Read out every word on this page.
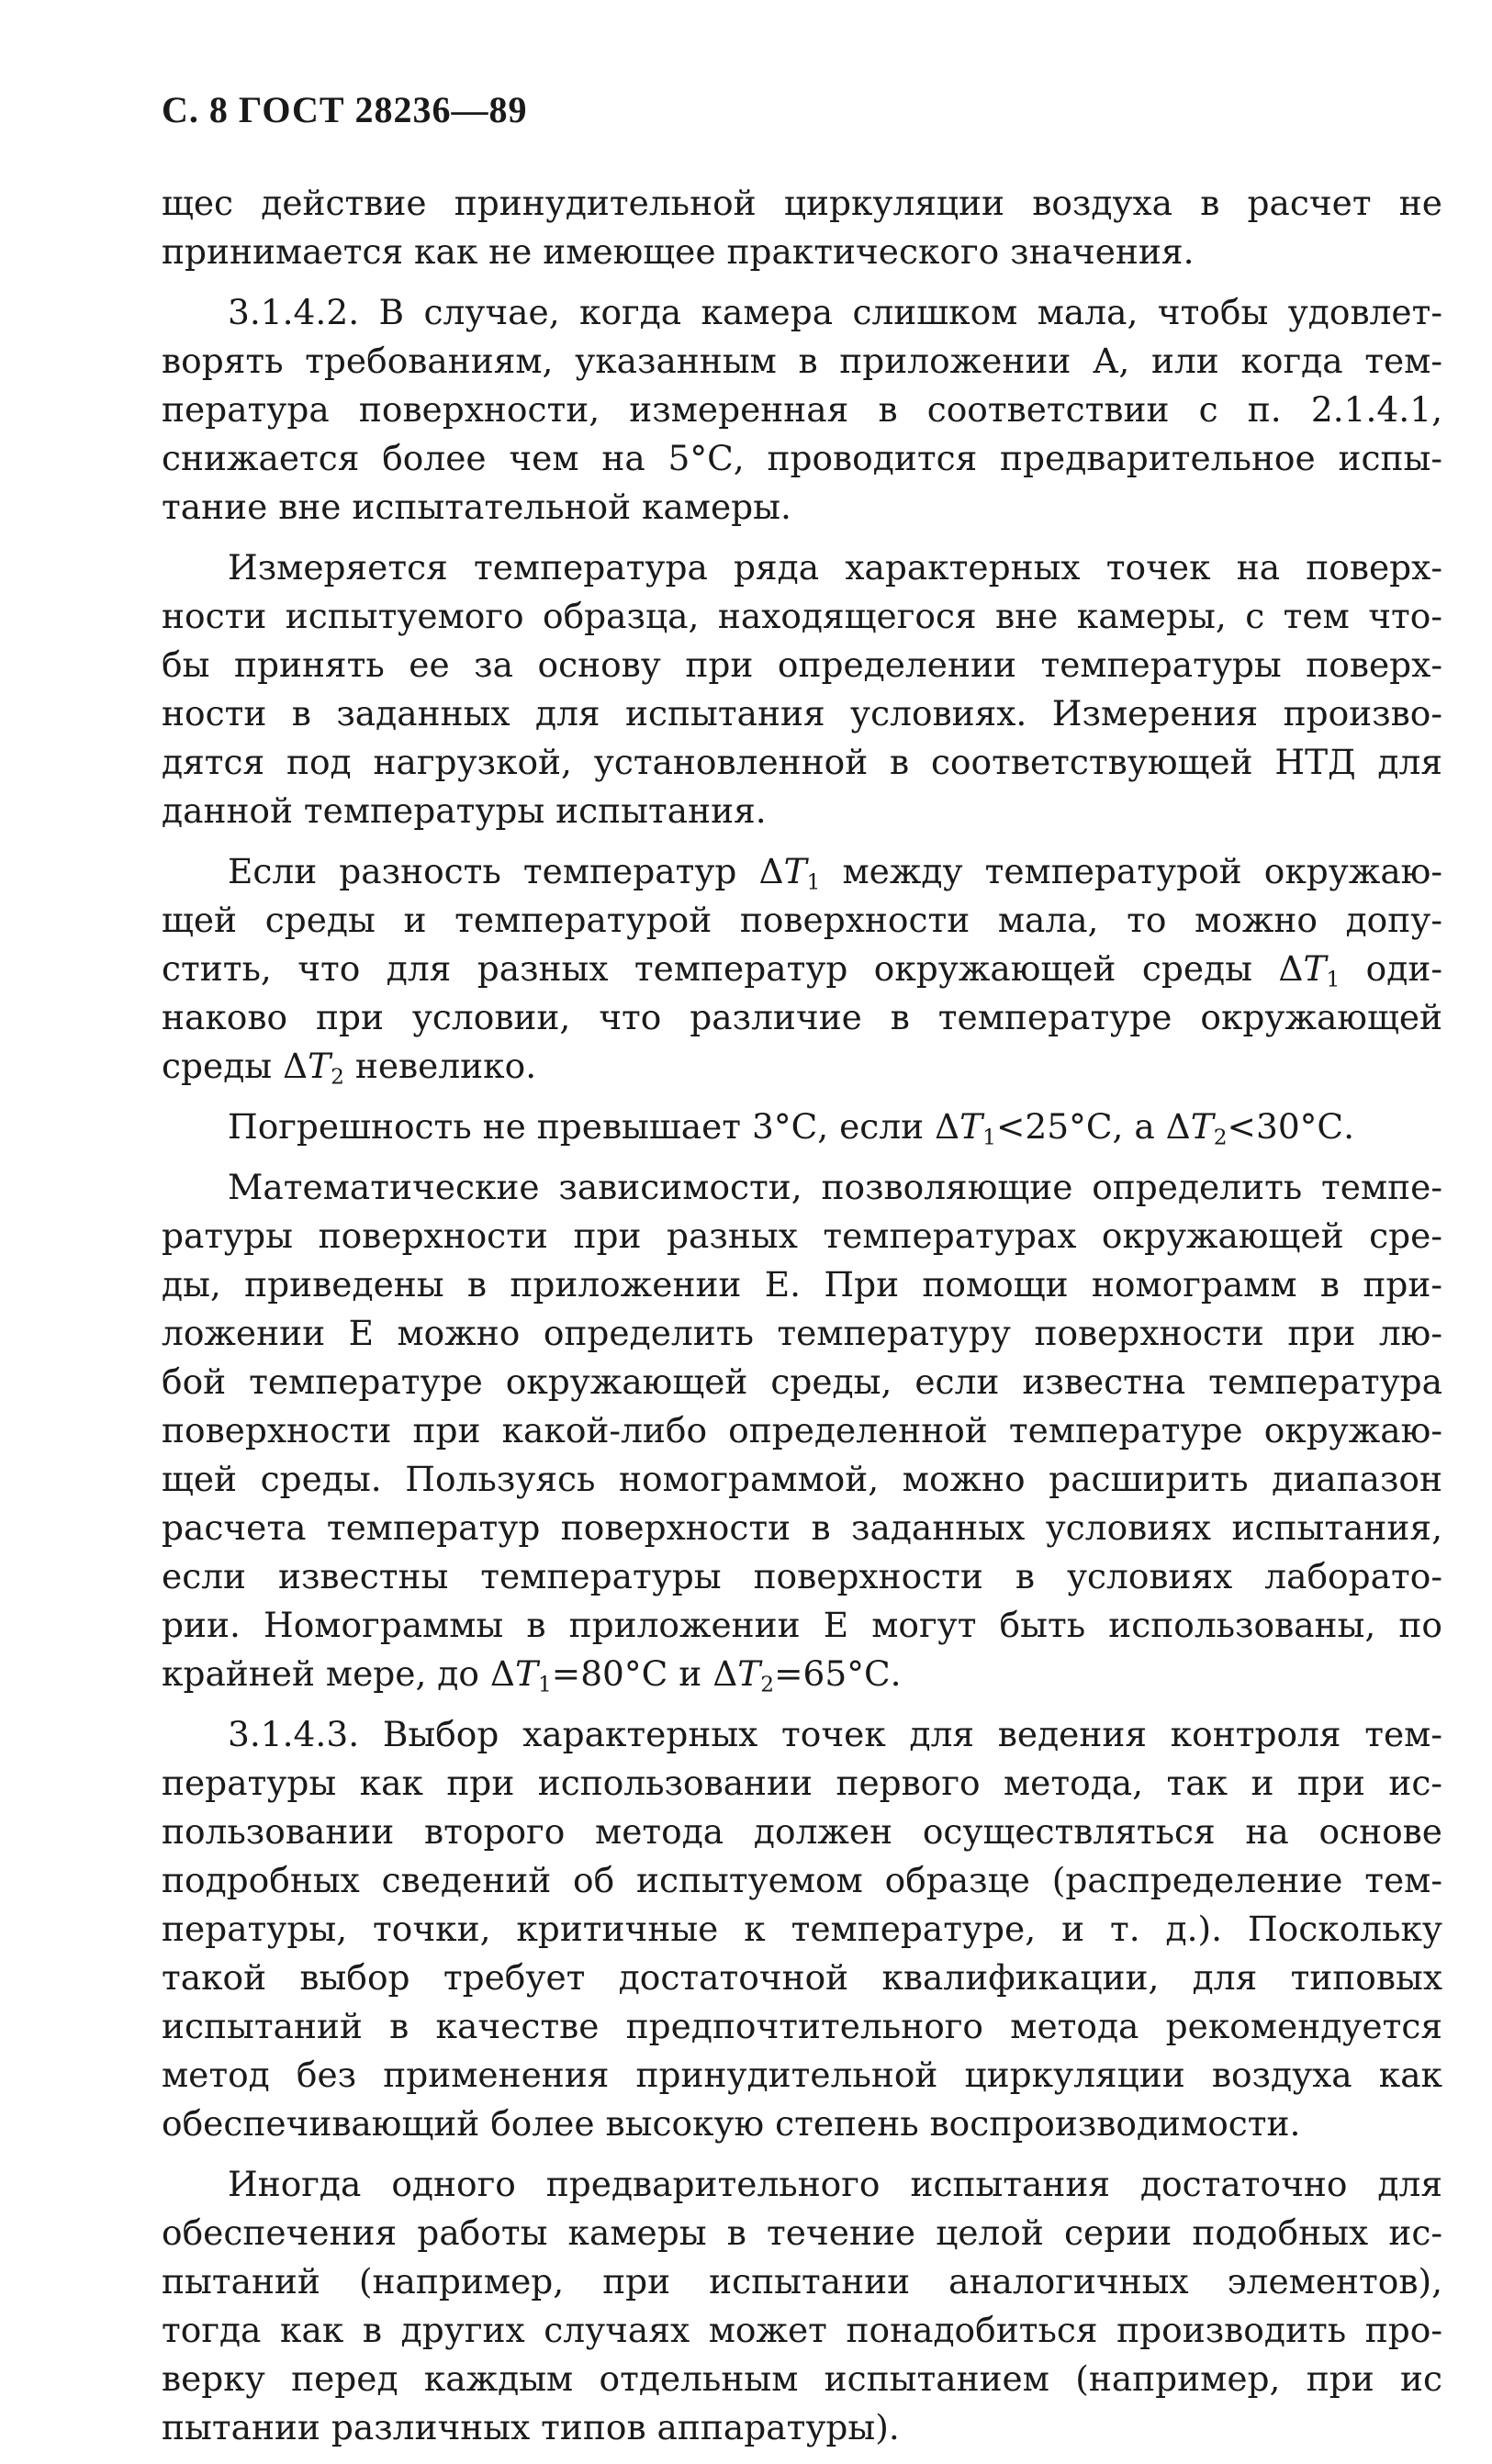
С. 8 ГОСТ 28236—89

щес действие принудительной циркуляции воздуха в расчет не

принимается как не имеющее практического значения.

3.1.4.2. В случае, когда камера слишком мала, чтобы удовлет-

ворять требованиям, указанным в приложении А, или когда тем-

пература поверхности, измеренная в соответствии с п. 2.1.4.1,

снижается более чем на 5°С, проводится предварительное испы-

тание вне испытательной камеры.

Измеряется температура ряда характерных точек на поверх-

ности испытуемого образца, находящегося вне камеры, с тем что-

бы принять ее за основу при определении температуры поверх-

ности в заданных для испытания условиях. Измерения произво-

дятся под нагрузкой, установленной в соответствующей НТД для

данной температуры испытания.

Если разность температур $\Delta T_1$ между температурой окружаю-

щей среды и температурой поверхности мала, то можно допу-

стить, что для разных температур окружающей среды $\Delta T_1$ оди-

наково при условии, что различие в температуре окружающей

среды $\Delta T_2$ невелико.

Погрешность не превышает 3°С, если $\Delta T_1<25^\circ С$, а $\Delta T_2<30^\circ С$.

Математические зависимости, позволяющие определить темпе-

ратуры поверхности при разных температурах окружающей сре-

ды, приведены в приложении Е. При помощи номограмм в при-

ложении Е можно определить температуру поверхности при лю-

бой температуре окружающей среды, если известна температура

поверхности при какой-либо определенной температуре окружаю-

щей среды. Пользуясь номограммой, можно расширить диапазон

расчета температур поверхности в заданных условиях испытания,

если известны температуры поверхности в условиях лаборато-

рии. Номограммы в приложении Е могут быть использованы, по

крайней мере, до $\Delta T_1=80^\circ С$ и $\Delta T_2=65^\circ С$.

3.1.4.3. Выбор характерных точек для ведения контроля тем-

пературы как при использовании первого метода, так и при ис-

пользовании второго метода должен осуществляться на основе

подробных сведений об испытуемом образце (распределение тем-

пературы, точки, критичные к температуре, и т. д.). Поскольку

такой выбор требует достаточной квалификации, для типовых

испытаний в качестве предпочтительного метода рекомендуется

метод без применения принудительной циркуляции воздуха как

обеспечивающий более высокую степень воспроизводимости.

Иногда одного предварительного испытания достаточно для

обеспечения работы камеры в течение целой серии подобных ис-

пытаний (например, при испытании аналогичных элементов),

тогда как в других случаях может понадобиться производить про-

верку перед каждым отдельным испытанием (например, при ис

пытании различных типов аппаратуры).
